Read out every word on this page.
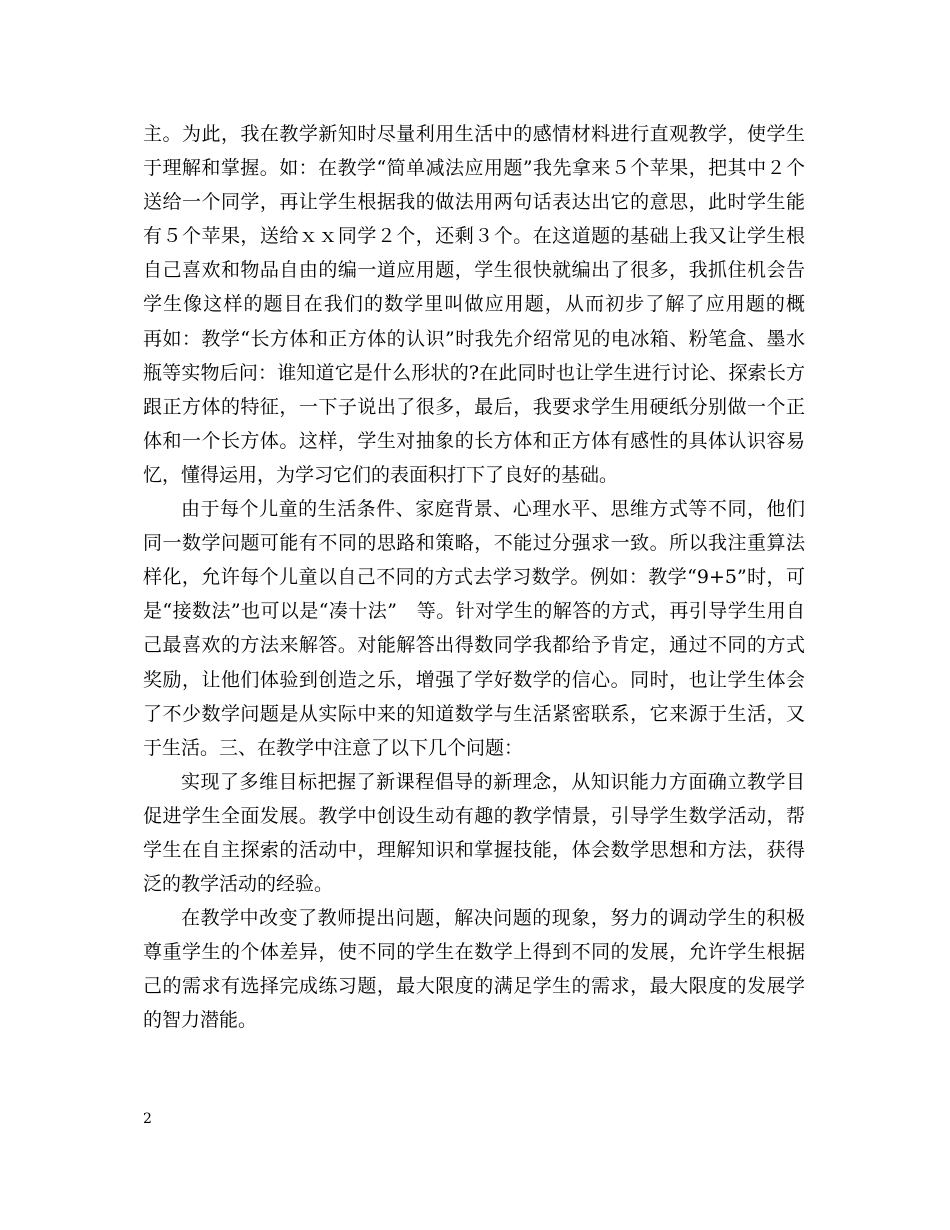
主。为此，我在教学新知时尽量利用生活中的感情材料进行直观教学，使学生
于理解和掌握。如：在教学“简单减法应用题”我先拿来５个苹果，把其中２个
送给一个同学，再让学生根据我的做法用两句话表达出它的意思，此时学生能
有５个苹果，送给ｘｘ同学２个，还剩３个。在这道题的基础上我又让学生根
自己喜欢和物品自由的编一道应用题，学生很快就编出了很多，我抓住机会告
学生像这样的题目在我们的数学里叫做应用题，从而初步了解了应用题的概
再如：教学“长方体和正方体的认识”时我先介绍常见的电冰箱、粉笔盒、墨水
瓶等实物后问：谁知道它是什么形状的?在此同时也让学生进行讨论、探索长方
跟正方体的特征，一下子说出了很多，最后，我要求学生用硬纸分别做一个正
体和一个长方体。这样，学生对抽象的长方体和正方体有感性的具体认识容易
忆，懂得运用，为学习它们的表面积打下了良好的基础。
由于每个儿童的生活条件、家庭背景、心理水平、思维方式等不同，他们
同一数学问题可能有不同的思路和策略，不能过分强求一致。所以我注重算法
样化，允许每个儿童以自己不同的方式去学习数学。例如：教学“9+5”时，可
是“接数法”也可以是“凑十法”　等。针对学生的解答的方式，再引导学生用自
己最喜欢的方法来解答。对能解答出得数同学我都给予肯定，通过不同的方式
奖励，让他们体验到创造之乐，增强了学好数学的信心。同时，也让学生体会
了不少数学问题是从实际中来的知道数学与生活紧密联系，它来源于生活，又
于生活。三、在教学中注意了以下几个问题：
实现了多维目标把握了新课程倡导的新理念，从知识能力方面确立教学目
促进学生全面发展。教学中创设生动有趣的教学情景，引导学生数学活动，帮
学生在自主探索的活动中，理解知识和掌握技能，体会数学思想和方法，获得
泛的教学活动的经验。
在教学中改变了教师提出问题，解决问题的现象，努力的调动学生的积极
尊重学生的个体差异，使不同的学生在数学上得到不同的发展，允许学生根据
己的需求有选择完成练习题，最大限度的满足学生的需求，最大限度的发展学
的智力潜能。
2
